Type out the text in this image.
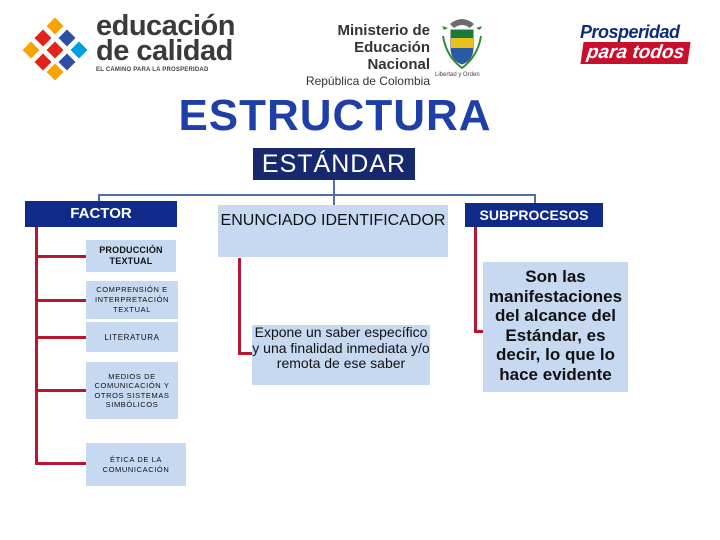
educación
de calidad
EL CAMINO PARA LA PROSPERIDAD
Ministerio de
Educación Nacional
República de Colombia Libertad y Orden
Prosperidad
para todos
ESTRUCTURA
ESTÁNDAR
FACTOR	ENUNCIADO IDENTIFICADOR	SUBPROCESOS
PRODUCCIÓN TEXTUAL
COMPRENSIÓN E INTERPRETACIÓN TEXTUAL
LITERATURA
MEDIOS DE COMUNICACIÓN Y OTROS SISTEMAS SIMBÓLICOS
ÉTICA DE LA COMUNICACIÓN
Expone un saber específico y una finalidad inmediata y/o remota de ese saber
Son las manifestaciones del alcance del Estándar, es decir, lo que lo hace evidente
